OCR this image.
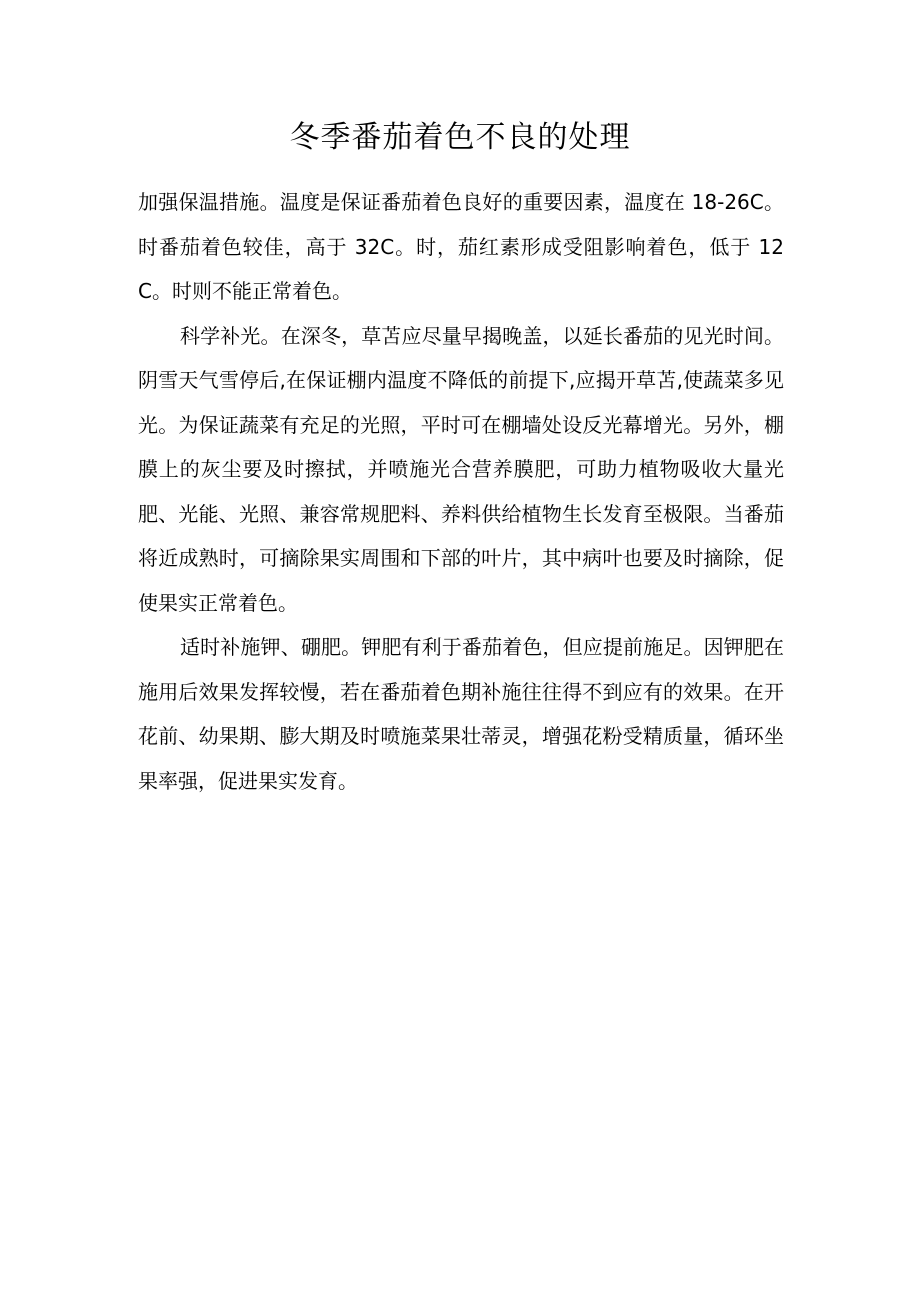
冬季番茄着色不良的处理

加强保温措施。温度是保证番茄着色良好的重要因素，温度在 18-26C。时番茄着色较佳，高于 32C。时，茄红素形成受阻影响着色，低于 12C。时则不能正常着色。

科学补光。在深冬，草苫应尽量早揭晚盖，以延长番茄的见光时间。阴雪天气雪停后,在保证棚内温度不降低的前提下,应揭开草苫,使蔬菜多见光。为保证蔬菜有充足的光照，平时可在棚墙处设反光幕增光。另外，棚膜上的灰尘要及时擦拭，并喷施光合营养膜肥，可助力植物吸收大量光肥、光能、光照、兼容常规肥料、养料供给植物生长发育至极限。当番茄将近成熟时，可摘除果实周围和下部的叶片，其中病叶也要及时摘除，促使果实正常着色。

适时补施钾、硼肥。钾肥有利于番茄着色，但应提前施足。因钾肥在施用后效果发挥较慢，若在番茄着色期补施往往得不到应有的效果。在开花前、幼果期、膨大期及时喷施菜果壮蒂灵，增强花粉受精质量，循环坐果率强，促进果实发育。
